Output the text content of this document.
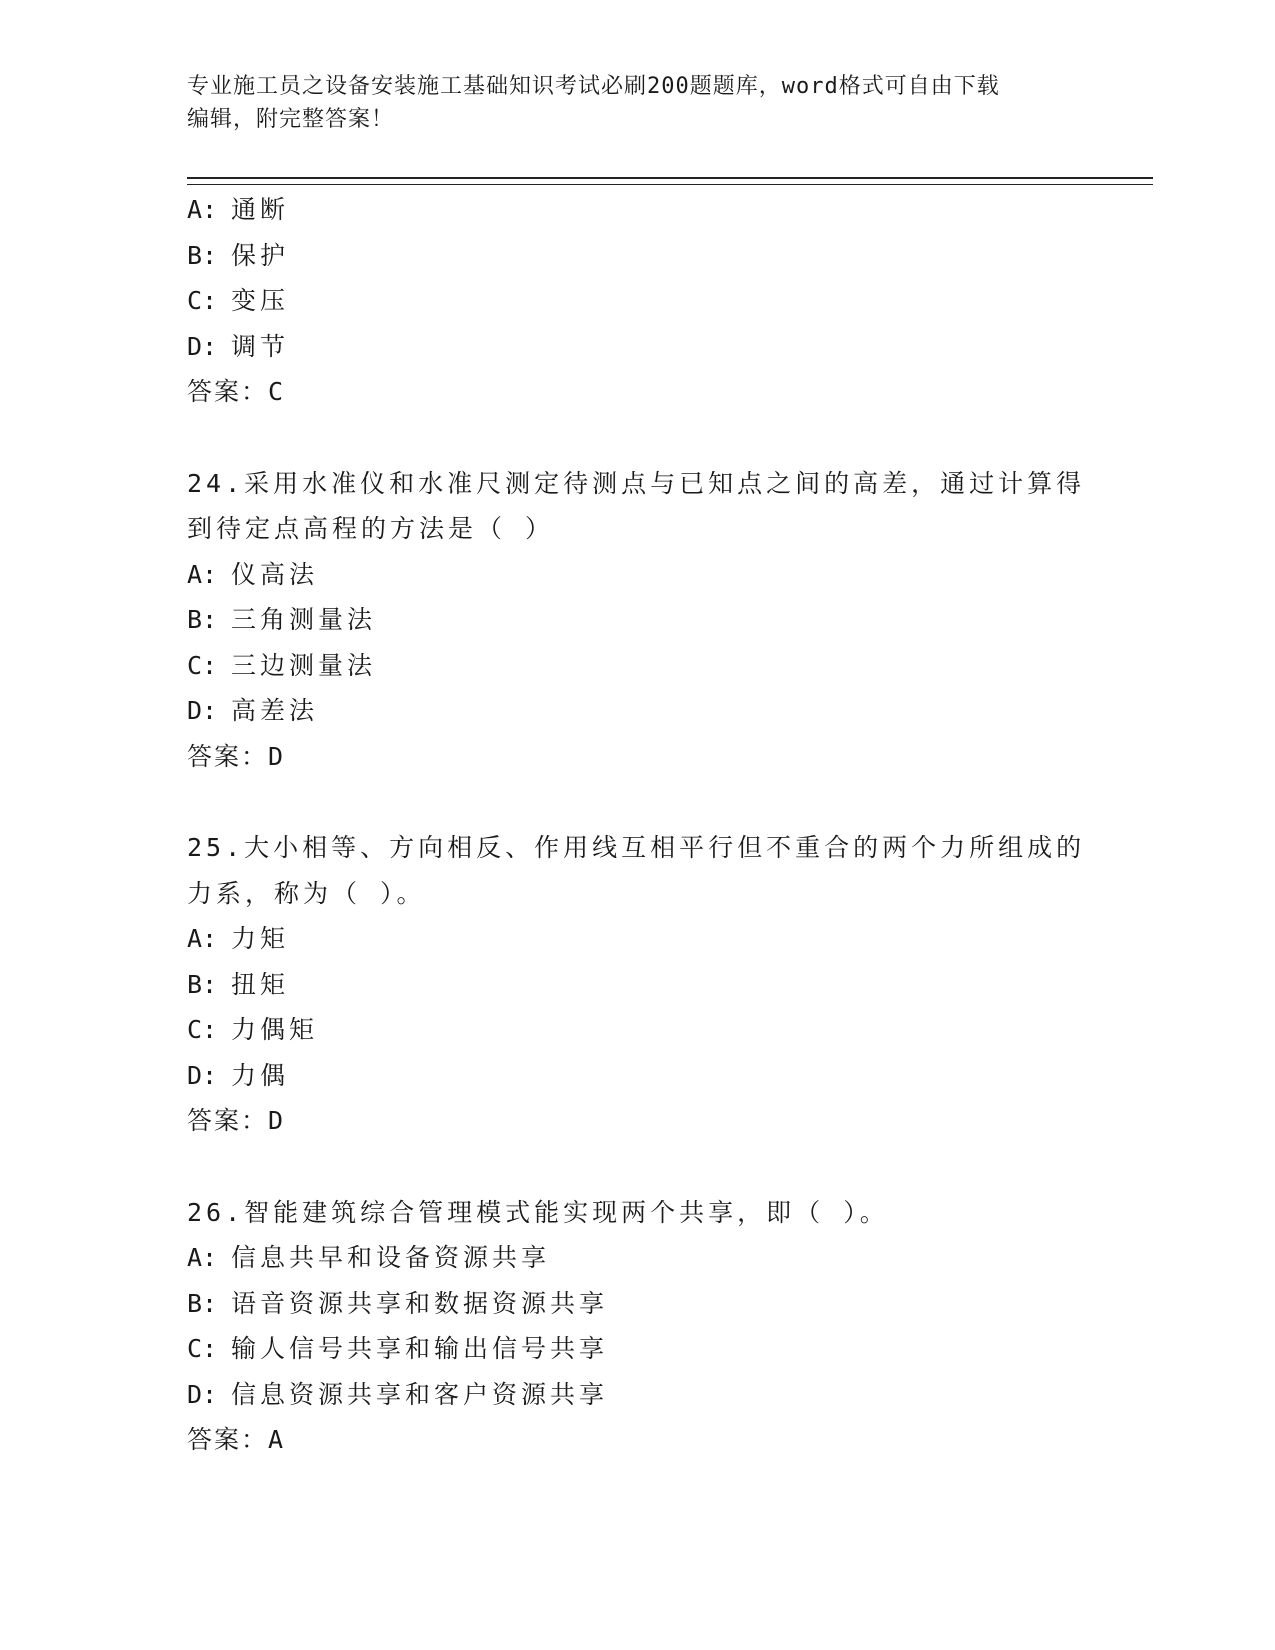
专业施工员之设备安装施工基础知识考试必刷200题题库，word格式可自由下载
编辑，附完整答案！
A: 通断
B: 保护
C: 变压
D: 调节
答案：C
24.采用水准仪和水准尺测定待测点与已知点之间的高差，通过计算得
到待定点高程的方法是（ ）
A: 仪高法
B: 三角测量法
C: 三边测量法
D: 高差法
答案：D
25.大小相等、方向相反、作用线互相平行但不重合的两个力所组成的
力系，称为（ ）。
A: 力矩
B: 扭矩
C: 力偶矩
D: 力偶
答案：D
26.智能建筑综合管理模式能实现两个共享，即（ ）。
A: 信息共早和设备资源共享
B: 语音资源共享和数据资源共享
C: 输人信号共享和输出信号共享
D: 信息资源共享和客户资源共享
答案：A
